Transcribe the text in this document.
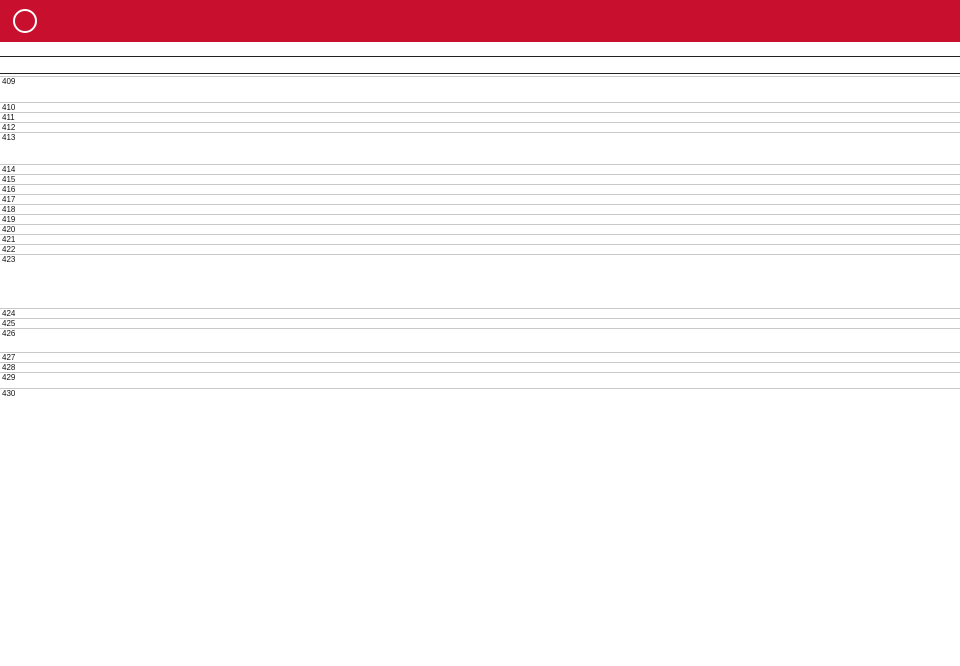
409
410
411
412
413
414
415
416
417
418
419
420
421
422
423
424
425
426
427
428
429
430
